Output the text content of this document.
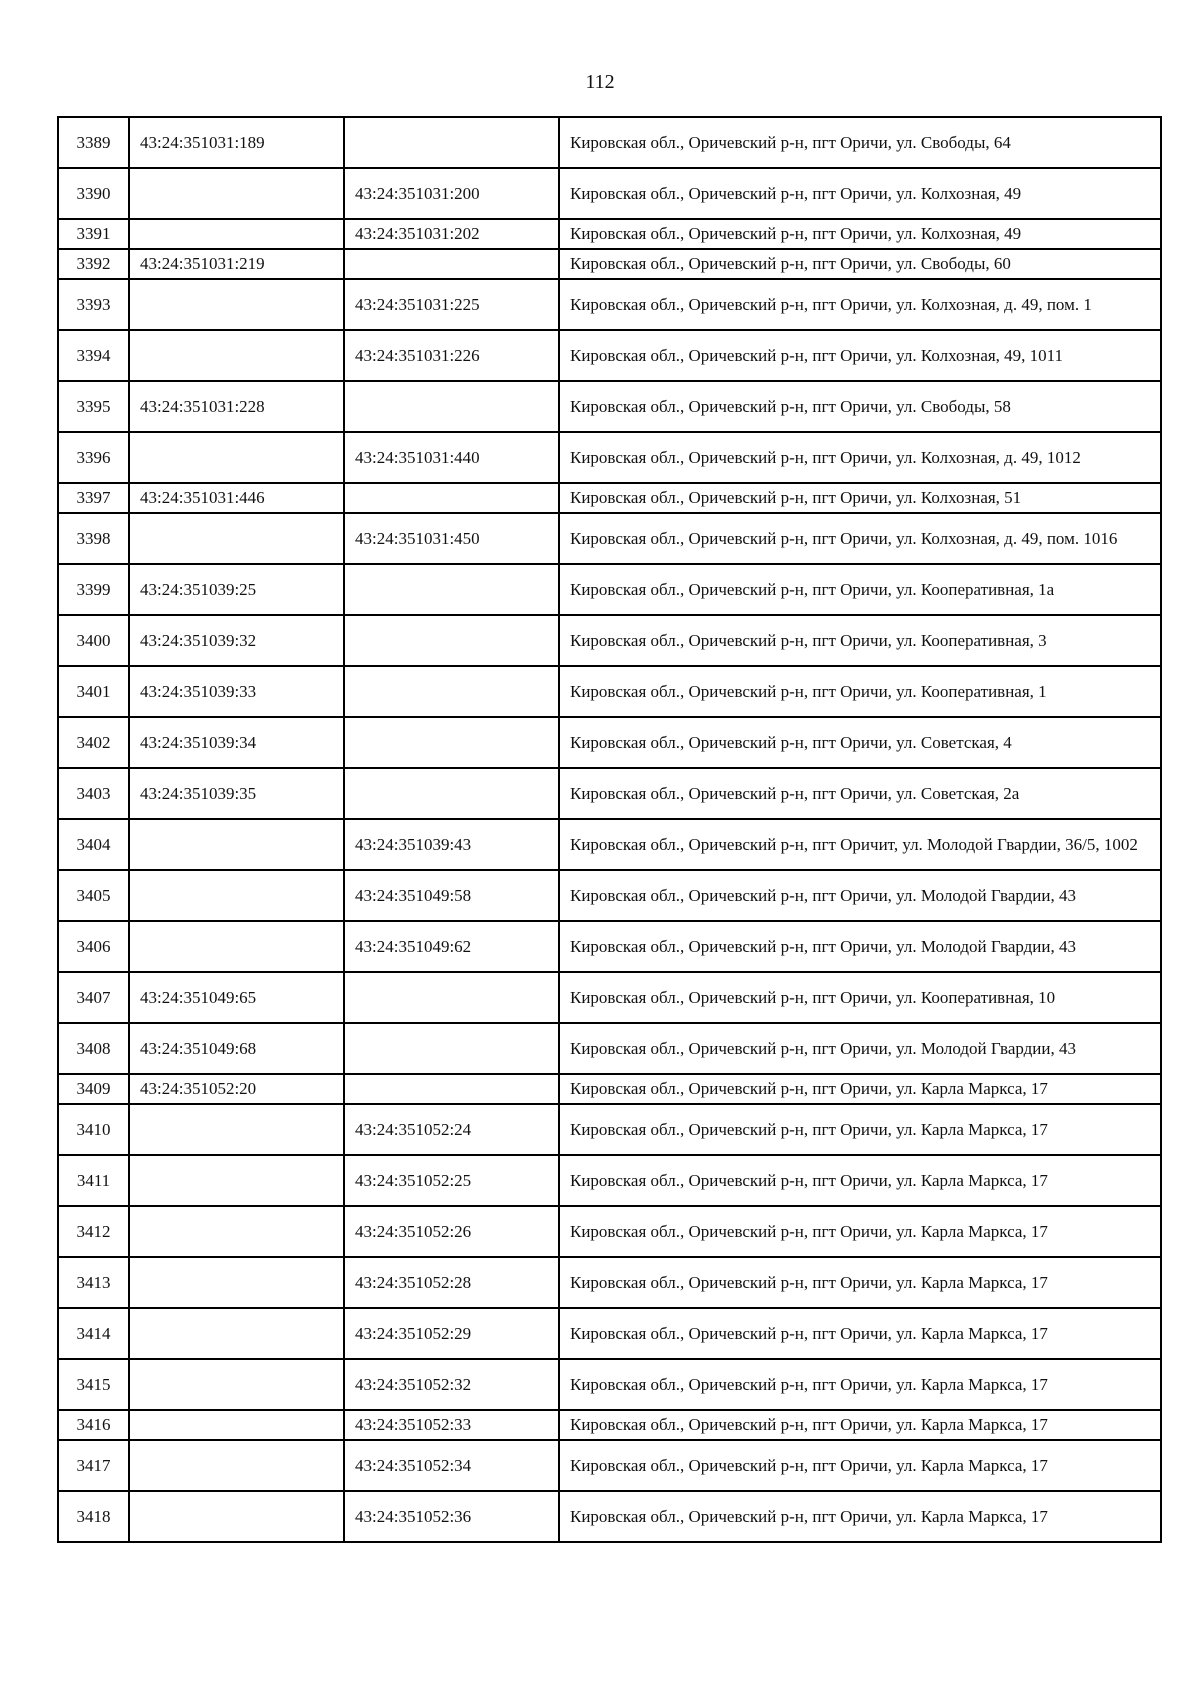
112
3389	43:24:351031:189		Кировская обл., Оричевский р-н, пгт Оричи, ул. Свободы, 64
3390		43:24:351031:200	Кировская обл., Оричевский р-н, пгт Оричи, ул. Колхозная, 49
3391		43:24:351031:202	Кировская обл., Оричевский р-н, пгт Оричи, ул. Колхозная, 49
3392	43:24:351031:219		Кировская обл., Оричевский р-н, пгт Оричи, ул. Свободы, 60
3393		43:24:351031:225	Кировская обл., Оричевский р-н, пгт Оричи, ул. Колхозная, д. 49, пом. 1
3394		43:24:351031:226	Кировская обл., Оричевский р-н, пгт Оричи, ул. Колхозная, 49, 1011
3395	43:24:351031:228		Кировская обл., Оричевский р-н, пгт Оричи, ул. Свободы, 58
3396		43:24:351031:440	Кировская обл., Оричевский р-н, пгт Оричи, ул. Колхозная, д. 49, 1012
3397	43:24:351031:446		Кировская обл., Оричевский р-н, пгт Оричи, ул. Колхозная, 51
3398		43:24:351031:450	Кировская обл., Оричевский р-н, пгт Оричи, ул. Колхозная, д. 49, пом. 1016
3399	43:24:351039:25		Кировская обл., Оричевский р-н, пгт Оричи, ул. Кооперативная, 1а
3400	43:24:351039:32		Кировская обл., Оричевский р-н, пгт Оричи, ул. Кооперативная, 3
3401	43:24:351039:33		Кировская обл., Оричевский р-н, пгт Оричи, ул. Кооперативная, 1
3402	43:24:351039:34		Кировская обл., Оричевский р-н, пгт Оричи, ул. Советская, 4
3403	43:24:351039:35		Кировская обл., Оричевский р-н, пгт Оричи, ул. Советская, 2а
3404		43:24:351039:43	Кировская обл., Оричевский р-н, пгт Оричит, ул. Молодой Гвардии, 36/5, 1002
3405		43:24:351049:58	Кировская обл., Оричевский р-н, пгт Оричи, ул. Молодой Гвардии, 43
3406		43:24:351049:62	Кировская обл., Оричевский р-н, пгт Оричи, ул. Молодой Гвардии, 43
3407	43:24:351049:65		Кировская обл., Оричевский р-н, пгт Оричи, ул. Кооперативная, 10
3408	43:24:351049:68		Кировская обл., Оричевский р-н, пгт Оричи, ул. Молодой Гвардии, 43
3409	43:24:351052:20		Кировская обл., Оричевский р-н, пгт Оричи, ул. Карла Маркса, 17
3410		43:24:351052:24	Кировская обл., Оричевский р-н, пгт Оричи, ул. Карла Маркса, 17
3411		43:24:351052:25	Кировская обл., Оричевский р-н, пгт Оричи, ул. Карла Маркса, 17
3412		43:24:351052:26	Кировская обл., Оричевский р-н, пгт Оричи, ул. Карла Маркса, 17
3413		43:24:351052:28	Кировская обл., Оричевский р-н, пгт Оричи, ул. Карла Маркса, 17
3414		43:24:351052:29	Кировская обл., Оричевский р-н, пгт Оричи, ул. Карла Маркса, 17
3415		43:24:351052:32	Кировская обл., Оричевский р-н, пгт Оричи, ул. Карла Маркса, 17
3416		43:24:351052:33	Кировская обл., Оричевский р-н, пгт Оричи, ул. Карла Маркса, 17
3417		43:24:351052:34	Кировская обл., Оричевский р-н, пгт Оричи, ул. Карла Маркса, 17
3418		43:24:351052:36	Кировская обл., Оричевский р-н, пгт Оричи, ул. Карла Маркса, 17
